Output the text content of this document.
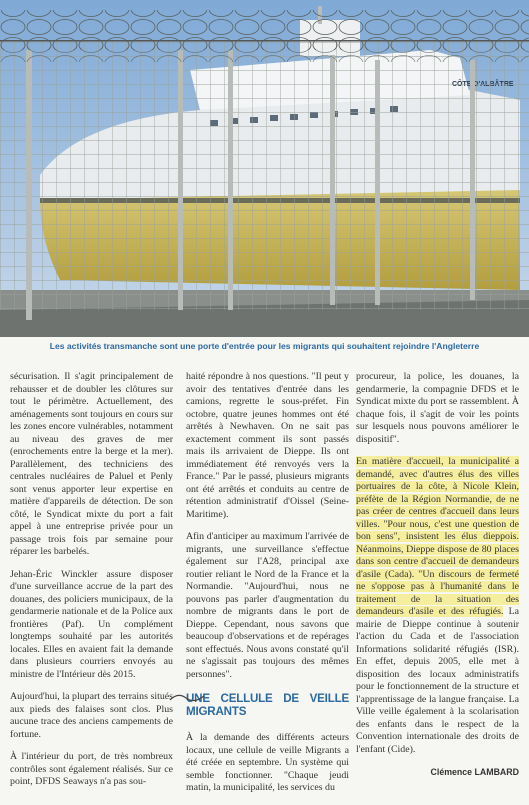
Les activités transmanche sont une porte d'entrée pour les migrants qui souhaitent rejoindre l'Angleterre

sécurisation. Il s'agit principalement de rehausser et de doubler les clôtures sur tout le périmètre. Actuellement, des aménagements sont toujours en cours sur les zones encore vulnérables, notamment au niveau des graves de mer (enrochements entre la berge et la mer). Parallèlement, des techniciens des centrales nucléaires de Paluel et Penly sont venus apporter leur expertise en matière d'appareils de détection. De son côté, le Syndicat mixte du port a fait appel à une entreprise privée pour un passage trois fois par semaine pour réparer les barbelés.

Jehan-Éric Winckler assure disposer d'une surveillance accrue de la part des douanes, des policiers municipaux, de la gendarmerie nationale et de la Police aux frontières (Paf). Un complément longtemps souhaité par les autorités locales. Elles en avaient fait la demande dans plusieurs courriers envoyés au ministre de l'Intérieur dès 2015.

Aujourd'hui, la plupart des terrains situés aux pieds des falaises sont clos. Plus aucune trace des anciens campements de fortune.

À l'intérieur du port, de très nombreux contrôles sont également réalisés. Sur ce point, DFDS Seaways n'a pas sou-

haité répondre à nos questions. "Il peut y avoir des tentatives d'entrée dans les camions, regrette le sous-préfet. Fin octobre, quatre jeunes hommes ont été arrêtés à Newhaven. On ne sait pas exactement comment ils sont passés mais ils arrivaient de Dieppe. Ils ont immédiatement été renvoyés vers la France." Par le passé, plusieurs migrants ont été arrêtés et conduits au centre de rétention administratif d'Oissel (Seine-Maritime).

Afin d'anticiper au maximum l'arrivée de migrants, une surveillance s'effectue également sur l'A28, principal axe routier reliant le Nord de la France et la Normandie. "Aujourd'hui, nous ne pouvons pas parler d'augmentation du nombre de migrants dans le port de Dieppe. Cependant, nous savons que beaucoup d'observations et de repérages sont effectués. Nous avons constaté qu'il ne s'agissait pas toujours des mêmes personnes".

UNE CELLULE DE VEILLE MIGRANTS

À la demande des différents acteurs locaux, une cellule de veille Migrants a été créée en septembre. Un système qui semble fonctionner. "Chaque jeudi matin, la municipalité, les services du

procureur, la police, les douanes, la gendarmerie, la compagnie DFDS et le Syndicat mixte du port se rassemblent. À chaque fois, il s'agit de voir les points sur lesquels nous pouvons améliorer le dispositif".

En matière d'accueil, la municipalité a demandé, avec d'autres élus des villes portuaires de la côte, à Nicole Klein, préfète de la Région Normandie, de ne pas créer de centres d'accueil dans leurs villes. "Pour nous, c'est une question de bon sens", insistent les élus dieppois. Néanmoins, Dieppe dispose de 80 places dans son centre d'accueil de demandeurs d'asile (Cada). "Un discours de fermeté ne s'oppose pas à l'humanité dans le traitement de la situation des demandeurs d'asile et des réfugiés. La mairie de Dieppe continue à soutenir l'action du Cada et de l'association Informations solidarité réfugiés (ISR). En effet, depuis 2005, elle met à disposition des locaux administratifs pour le fonctionnement de la structure et l'apprentissage de la langue française. La Ville veille également à la scolarisation des enfants dans le respect de la Convention internationale des droits de l'enfant (Cide).

Clémence LAMBARD
